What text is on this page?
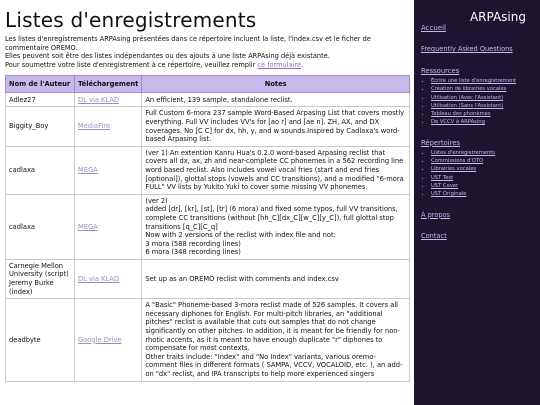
Listes d'enregistrements
Les listes d'enregistrements ARPAsing présentées dans ce répertoire incluent la liste, l'index.csv et le ficher de commentaire OREMO.
Elles peuvent soit être des listes indépendantes ou des ajouts à une liste ARPAsing déjà existante.
Pour soumettre votre liste d'enregistrement à ce répertoire, veuillez remplir ce formulaire.
Nom de l'Auteur	Téléchargement	Notes
Adlez27	DL via KLAD	An efficient, 139 sample, standalone reclist.
Biggity_Boy	MediaFire	Full Custom 6-mora 237 sample Word-Based Arpasing List that covers mostly everything. Full VV includes VV's for [ao r] and [ae n]. ZH, AX, and DX coverages. No [C C] for dx, hh, y, and w sounds.Inspired by Cadlaxa's word-based Arpasing list.
cadlaxa	MEGA	(ver 1) An extention Kanru Hua's 0.2.0 word-based Arpasing reclist that covers all dx, ax, zh and near-complete CC phonemes in a 562 recording line word based reclist. Also includes vowel vocal fries (start and end fries [optional]), glottal stops (vowels and CC transitions), and a modified "6-mora FULL" VV lists by Yukito Yuki to cover some missing VV phonemes.
cadlaxa	MEGA	(ver 2)
added [dr], [kr], [st], [tr] (6 mora) and fixed some typos, full VV transitions, complete CC transitions (without [hh_C][dx_C][w_C][y_C]), full glottal stop transitions [q_C][C_q]
Now with 2 versions of the reclist with index file and not:
3 mora (588 recording lines)
6 mora (348 recording lines)
Carnegie Mellon University (script) Jeremy Burke (index)	DL via KLAD	Set up as an OREMO reclist with comments and index.csv
deadbyte	Google Drive	A "Basic" Phoneme-based 3-mora reclist made of 526 samples. It covers all necessary diphones for English. For multi-pitch libraries, an "additional pitches" reclist is available that cuts out samples that do not change significantly on other pitches. In addition, it is meant for be friendly for non-rhotic accents, as it is meant to have enough duplicate "r" diphones to compensate for most contexts.
Other traits include: "Index" and "No Index" variants, various oremo-comment files in different formats ( SAMPA, VCCV, VOCALOID, etc. ), an add-on "dx" reclist, and IPA transcripts to help more experienced singers
ARPAsing
Accueil
Frequently Asked Questions
Ressources
• Écrire une liste d'enregistrement
• Création de librairies vocales
• Utilisation (Avec l'Assistant)
• Utilisation (Sans l'Assistant)
• Tableau des phonèmes
• De VCCV à ARPAsing
Répertoires
• Listes d'enregistrements
• Commissions d'OTO
• Librairies vocales
• UST Test
• UST Cover
• UST Originale
À propos
Contact
